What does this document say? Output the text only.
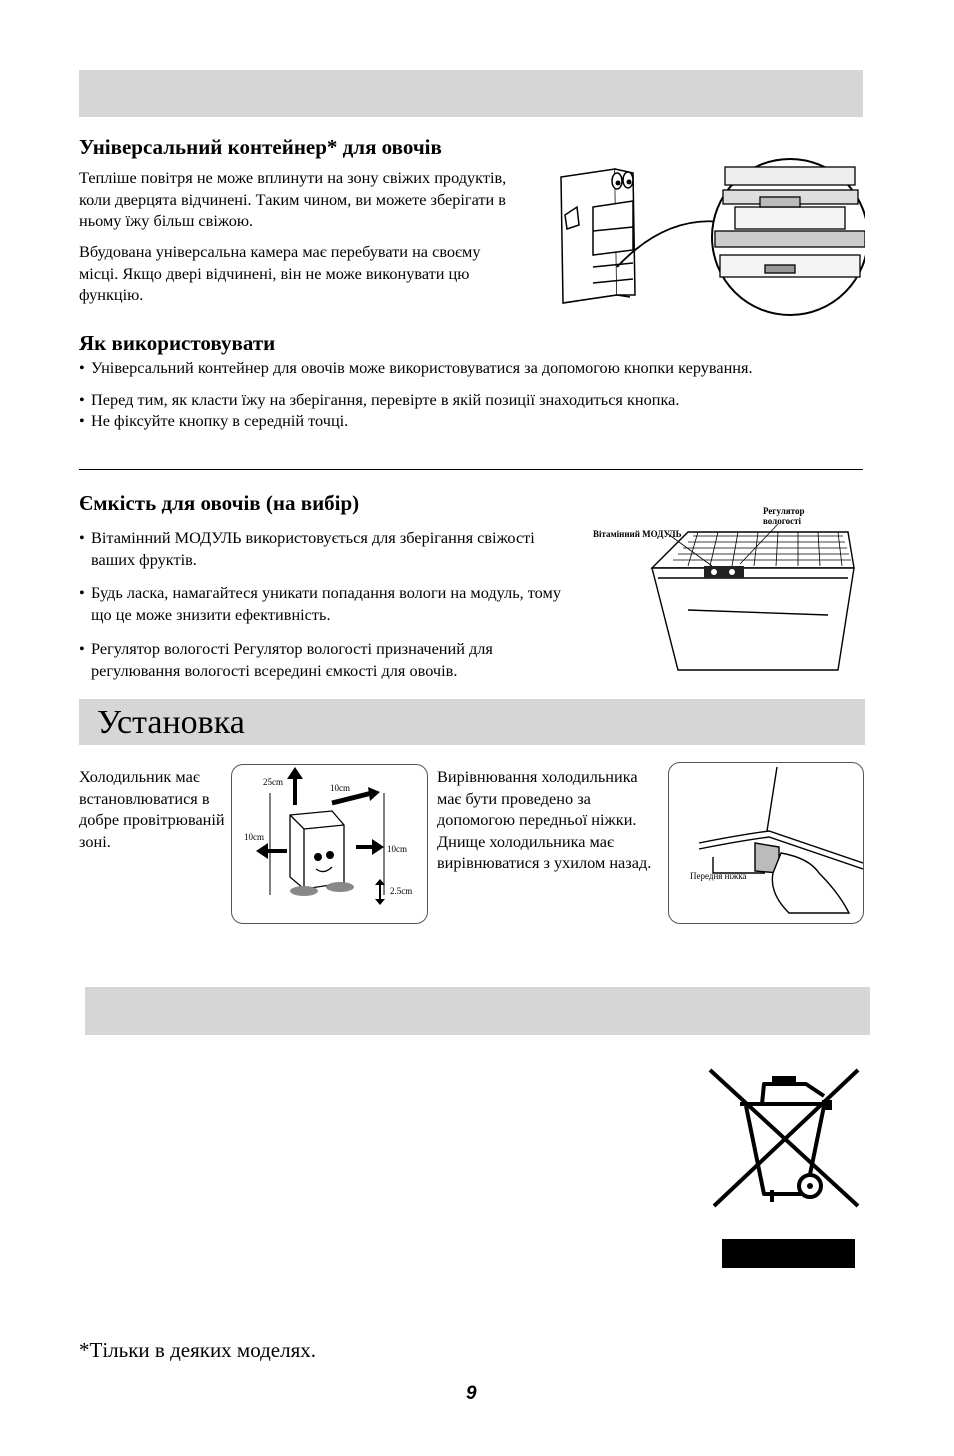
Універсальний контейнер* для овочів

Тепліше повітря не може вплинути на зону свіжих продуктів, коли дверцята відчинені. Таким чином, ви можете зберігати в ньому їжу більш свіжою.

Вбудована універсальна камера має перебувати на своєму місці. Якщо двері відчинені, він не може виконувати цю функцію.

Як використовувати

• Універсальний контейнер для овочів може використовуватися за допомогою кнопки керування.

• Перед тим, як класти їжу на зберігання, перевірте в якій позиції знаходиться кнопка.

• Не фіксуйте кнопку в середній точці.

Ємкість для овочів (на вибір)

• Вітамінний МОДУЛЬ використовується для зберігання свіжості ваших фруктів.

• Будь ласка, намагайтеся уникати попадання вологи на модуль, тому що це може знизити ефективність.

• Регулятор вологості Регулятор вологості призначений для регулювання вологості всередині ємкості для овочів.

Вітамінний МОДУЛЬ
Регулятор вологості
Установка

Холодильник має встановлюватися в добре провітрюваній зоні.

25cm
10cm
10cm
10cm
2.5cm

Вирівнювання холодильника має бути проведено за допомогою передньої ніжки. Днище холодильника має вирівнюватися з ухилом назад.

Передня ніжка
*Тільки в деяких моделях.
9
